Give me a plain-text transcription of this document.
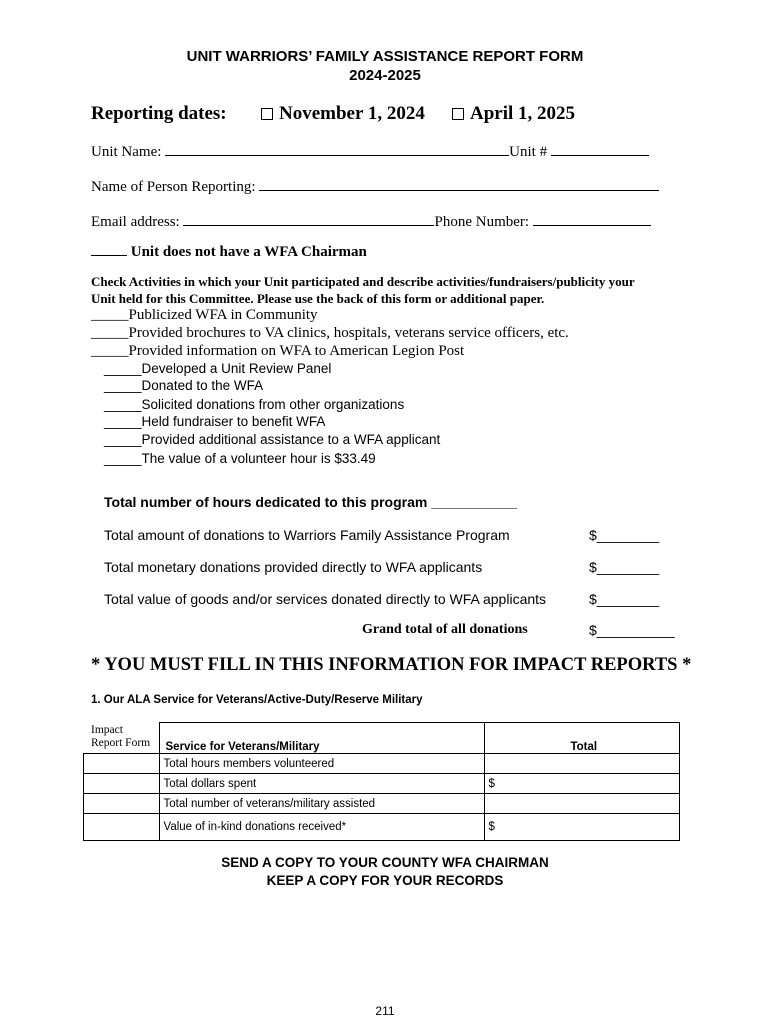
UNIT WARRIORS’ FAMILY ASSISTANCE REPORT FORM
2024-2025
Reporting dates:	November 1, 2024	April 1, 2025
Unit Name:	Unit #
Name of Person Reporting:
Email address:	Phone Number:
Unit does not have a WFA Chairman
Check Activities in which your Unit participated and describe activities/fundraisers/publicity your
Unit held for this Committee. Please use the back of this form or additional paper.
_____Publicized WFA in Community
_____Provided brochures to VA clinics, hospitals, veterans service officers, etc.
_____Provided information on WFA to American Legion Post
_____Developed a Unit Review Panel
_____Donated to the WFA
_____Solicited donations from other organizations
_____Held fundraiser to benefit WFA
_____Provided additional assistance to a WFA applicant
_____The value of a volunteer hour is $33.49
Total number of hours dedicated to this program ___________
Total amount of donations to Warriors Family Assistance Program	$________
Total monetary donations provided directly to WFA applicants	$________
Total value of goods and/or services donated directly to WFA applicants	$________
Grand total of all donations	$__________
* YOU MUST FILL IN THIS INFORMATION FOR IMPACT REPORTS *
1. Our ALA Service for Veterans/Active-Duty/Reserve Military
Impact
Report Form
	Service for Veterans/Military	Total
	Total hours members volunteered	
	Total dollars spent	$
	Total number of veterans/military assisted	
	Value of in-kind donations received*	$
SEND A COPY TO YOUR COUNTY WFA CHAIRMAN
KEEP A COPY FOR YOUR RECORDS
211
